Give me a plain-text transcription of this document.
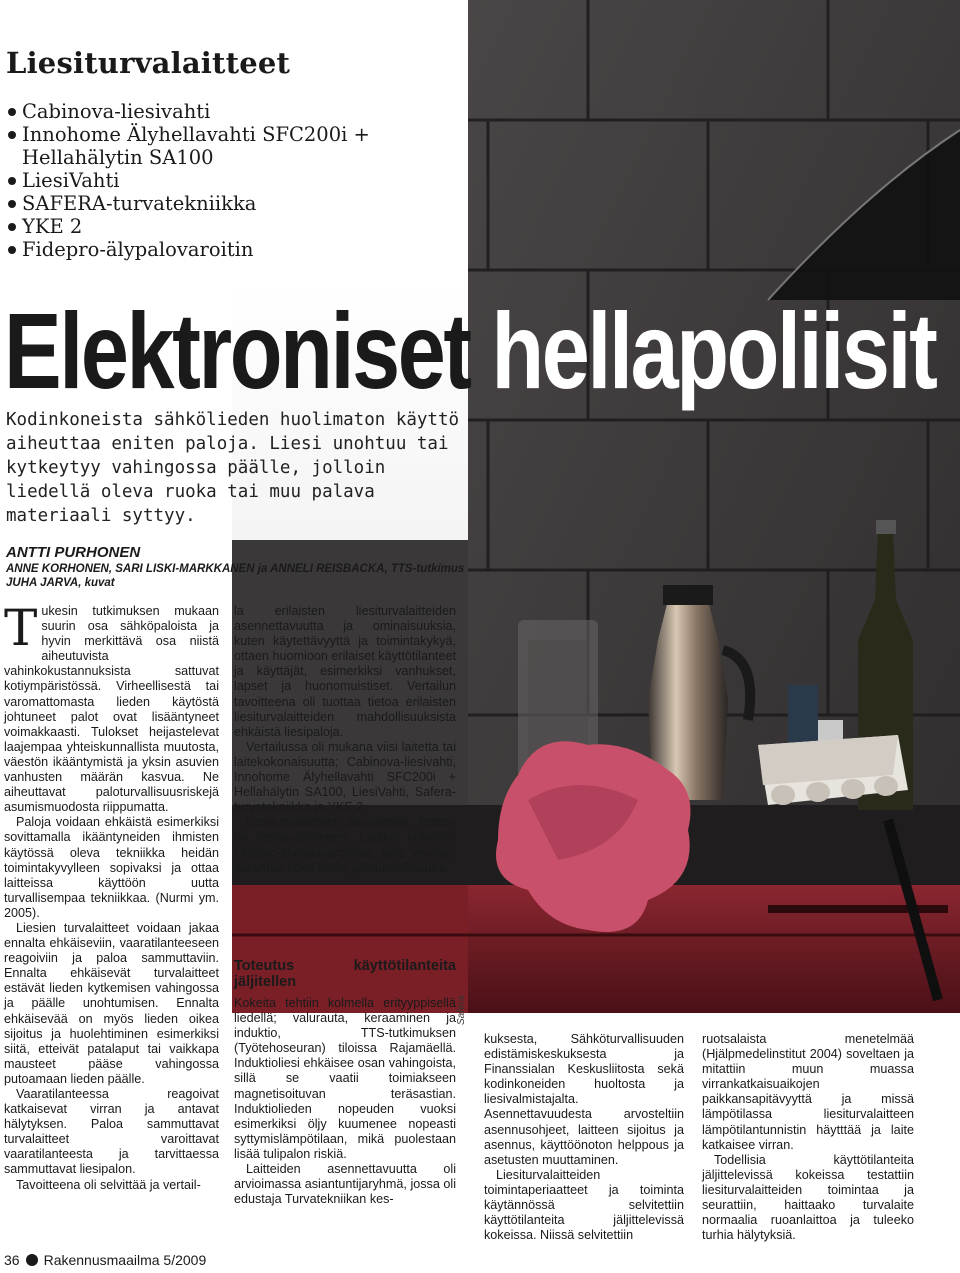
Liesiturvalaitteet
Cabinova-liesivahti
Innohome Älyhellavahti SFC200i +
Hellahälytin SA100
LiesiVahti
SAFERA-turvatekniikka
YKE 2
Fidepro-älypalovaroitin
Elektroniset hellapoliisit

Kodinkoneista sähkölieden huolimaton käyttö aiheuttaa eniten paloja. Liesi unohtuu tai kytkeytyy vahingossa päälle, jolloin liedellä oleva ruoka tai muu palava materiaali syttyy.

ANTTI PURHONEN
ANNE KORHONEN, SARI LISKI-MARKKANEN ja ANNELI REISBACKA, TTS-tutkimus
JUHA JARVA, kuvat

Tukesin tutkimuksen mukaan suurin osa sähköpaloista ja hyvin merkittävä osa niistä aiheutuvista vahinkokustannuksista sattuvat kotiympäristössä. Virheellisestä tai varomattomasta lieden käytöstä johtuneet palot ovat lisääntyneet voimakkaasti. Tulokset heijastelevat laajempaa yhteiskunnallista muutosta, väestön ikääntymistä ja yksin asuvien vanhusten määrän kasvua. Ne aiheuttavat paloturvallisuusriskejä asumismuodosta riippumatta.

Paloja voidaan ehkäistä esimerkiksi sovittamalla ikääntyneiden ihmisten käytössä oleva tekniikka heidän toimintakyvylleen sopivaksi ja ottaa laitteissa käyttöön uutta turvallisempaa tekniikkaa. (Nurmi ym. 2005).

Liesien turvalaitteet voidaan jakaa ennalta ehkäiseviin, vaaratilanteeseen reagoiviin ja paloa sammuttaviin. Ennalta ehkäisevät turvalaitteet estävät lieden kytkemisen vahingossa ja päälle unohtumisen. Ennalta ehkäisevää on myös lieden oikea sijoitus ja huolehtiminen esimerkiksi siitä, etteivät patalaput tai vaikkapa mausteet pääse vahingossa putoamaan lieden päälle.

Vaaratilanteessa reagoivat katkaisevat virran ja antavat hälytyksen. Paloa sammuttavat turvalaitteet varoittavat vaaratilanteesta ja tarvittaessa sammuttavat liesipalon.

Tavoitteena oli selvittää ja vertail-

la erilaisten liesiturvalaitteiden asennettavuutta ja ominaisuuksia, kuten käytettävyyttä ja toimintakykyä, ottaen huomioon erilaiset käyttötilanteet ja käyttäjät, esimerkiksi vanhukset, lapset ja huonomuistiset. Vertailun tavoitteena oli tuottaa tietoa erilaisten liesiturvalaitteiden mahdollisuuksista ehkäistä liesipaloja.

Vertailussa oli mukana viisi laitetta tai laitekokonaisuutta; Cabinova-liesivahti, Innohome Älyhellavahti SFC200i + Hellahälytin SA100, LiesiVahti, Safera-turvatekniikka ja YKE 2.

Liesiturvalaitteet asennettiin lieteen tai liesituulettimeen. Lisäksi kokeiltiin Fidepro-älypalovaroitinta, jolla voidaan parantaa koko kodin paloturvallisuutta.

Toteutus käyttötilanteita jäljitellen

Kokeita tehtiin kolmella erityyppisellä liedellä; valurauta, keraaminen ja induktio, TTS-tutkimuksen (Työtehoseuran) tiloissa Rajamäellä. Induktioliesi ehkäisee osan vahingoista, sillä se vaatii toimiakseen magnetisoituvan teräsastian. Induktiolieden nopeuden vuoksi esimerkiksi öljy kuumenee nopeasti syttymislämpötilaan, mikä puolestaan lisää tulipalon riskiä.

Laitteiden asennettavuutta oli arvioimassa asiantuntijaryhmä, jossa oli edustaja Turvatekniikan kes-

Safera

kuksesta, Sähköturvallisuuden edistämiskeskuksesta ja Finanssialan Keskusliitosta sekä kodinkoneiden huoltosta ja liesivalmistajalta. Asennettavuudesta arvosteltiin asennusohjeet, laitteen sijoitus ja asennus, käyttöönoton helppous ja asetusten muuttaminen.

Liesiturvalaitteiden toimintaperiaatteet ja toiminta käytännössä selvitettiin käyttötilanteita jäljittelevissä kokeissa. Niissä selvitettiin

ruotsalaista menetelmää (Hjälpmedelinstitut 2004) soveltaen ja mitattiin muun muassa virrankatkaisuaikojen paikkansapitävyyttä ja missä lämpötilassa liesiturvalaitteen lämpötilantunnistin häytttää ja laite katkaisee virran.

Todellisia käyttötilanteita jäljittelevissä kokeissa testattiin liesiturvalaitteiden toimintaa ja seurattiin, haittaako turvalaite normaalia ruoanlaittoa ja tuleeko turhia hälytyksiä.

36 Rakennusmaailma 5/2009
